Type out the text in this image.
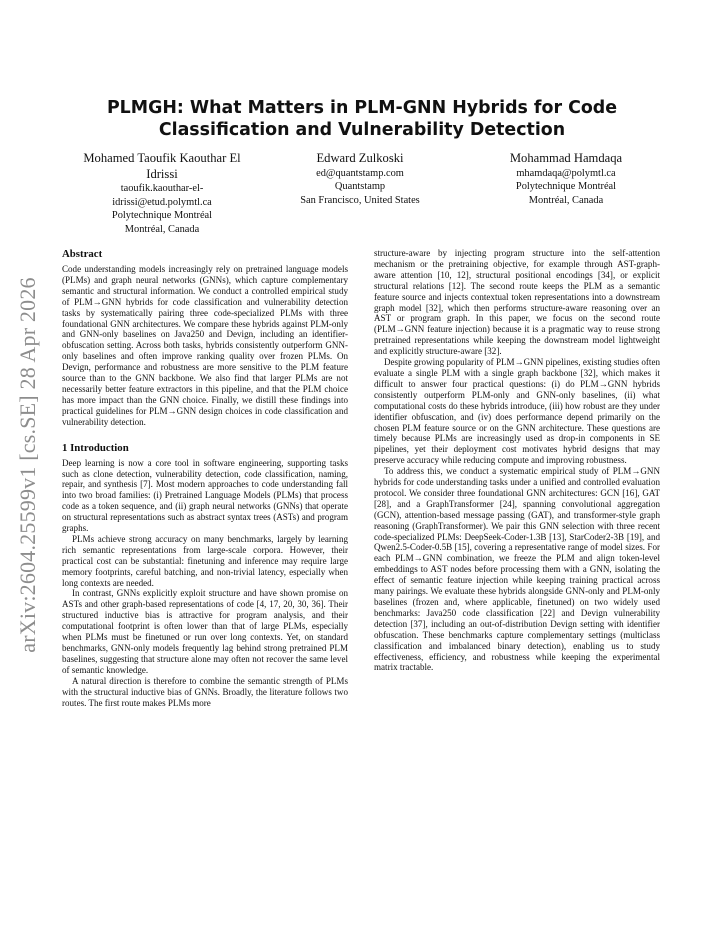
arXiv:2604.25599v1 [cs.SE] 28 Apr 2026
PLMGH: What Matters in PLM-GNN Hybrids for Code
Classification and Vulnerability Detection
Mohamed Taoufik Kaouthar El
Idrissi
taoufik.kaouthar-el-
idrissi@etud.polymtl.ca
Polytechnique Montréal
Montréal, Canada
Edward Zulkoski
ed@quantstamp.com
Quantstamp
San Francisco, United States
Mohammad Hamdaqa
mhamdaqa@polymtl.ca
Polytechnique Montréal
Montréal, Canada
Abstract

Code understanding models increasingly rely on pretrained language models (PLMs) and graph neural networks (GNNs), which capture complementary semantic and structural information. We conduct a controlled empirical study of PLM→GNN hybrids for code classification and vulnerability detection tasks by systematically pairing three code-specialized PLMs with three foundational GNN architectures. We compare these hybrids against PLM-only and GNN-only baselines on Java250 and Devign, including an identifier-obfuscation setting. Across both tasks, hybrids consistently outperform GNN-only baselines and often improve ranking quality over frozen PLMs. On Devign, performance and robustness are more sensitive to the PLM feature source than to the GNN backbone. We also find that larger PLMs are not necessarily better feature extractors in this pipeline, and that the PLM choice has more impact than the GNN choice. Finally, we distill these findings into practical guidelines for PLM→GNN design choices in code classification and vulnerability detection.

1 Introduction

Deep learning is now a core tool in software engineering, supporting tasks such as clone detection, vulnerability detection, code classification, naming, repair, and synthesis [7]. Most modern approaches to code understanding fall into two broad families: (i) Pretrained Language Models (PLMs) that process code as a token sequence, and (ii) graph neural networks (GNNs) that operate on structural representations such as abstract syntax trees (ASTs) and program graphs.

PLMs achieve strong accuracy on many benchmarks, largely by learning rich semantic representations from large-scale corpora. However, their practical cost can be substantial: finetuning and inference may require large memory footprints, careful batching, and non-trivial latency, especially when long contexts are needed.

In contrast, GNNs explicitly exploit structure and have shown promise on ASTs and other graph-based representations of code [4, 17, 20, 30, 36]. Their structured inductive bias is attractive for program analysis, and their computational footprint is often lower than that of large PLMs, especially when PLMs must be finetuned or run over long contexts. Yet, on standard benchmarks, GNN-only models frequently lag behind strong pretrained PLM baselines, suggesting that structure alone may often not recover the same level of semantic knowledge.

A natural direction is therefore to combine the semantic strength of PLMs with the structural inductive bias of GNNs. Broadly, the literature follows two routes. The first route makes PLMs more

structure-aware by injecting program structure into the self-attention mechanism or the pretraining objective, for example through AST-graph-aware attention [10, 12], structural positional encodings [34], or explicit structural relations [12]. The second route keeps the PLM as a semantic feature source and injects contextual token representations into a downstream graph model [32], which then performs structure-aware reasoning over an AST or program graph. In this paper, we focus on the second route (PLM→GNN feature injection) because it is a pragmatic way to reuse strong pretrained representations while keeping the downstream model lightweight and explicitly structure-aware [32].

Despite growing popularity of PLM→GNN pipelines, existing studies often evaluate a single PLM with a single graph backbone [32], which makes it difficult to answer four practical questions: (i) do PLM→GNN hybrids consistently outperform PLM-only and GNN-only baselines, (ii) what computational costs do these hybrids introduce, (iii) how robust are they under identifier obfuscation, and (iv) does performance depend primarily on the chosen PLM feature source or on the GNN architecture. These questions are timely because PLMs are increasingly used as drop-in components in SE pipelines, yet their deployment cost motivates hybrid designs that may preserve accuracy while reducing compute and improving robustness.

To address this, we conduct a systematic empirical study of PLM→GNN hybrids for code understanding tasks under a unified and controlled evaluation protocol. We consider three foundational GNN architectures: GCN [16], GAT [28], and a GraphTransformer [24], spanning convolutional aggregation (GCN), attention-based message passing (GAT), and transformer-style graph reasoning (GraphTransformer). We pair this GNN selection with three recent code-specialized PLMs: DeepSeek-Coder-1.3B [13], StarCoder2-3B [19], and Qwen2.5-Coder-0.5B [15], covering a representative range of model sizes. For each PLM→GNN combination, we freeze the PLM and align token-level embeddings to AST nodes before processing them with a GNN, isolating the effect of semantic feature injection while keeping training practical across many pairings. We evaluate these hybrids alongside GNN-only and PLM-only baselines (frozen and, where applicable, finetuned) on two widely used benchmarks: Java250 code classification [22] and Devign vulnerability detection [37], including an out-of-distribution Devign setting with identifier obfuscation. These benchmarks capture complementary settings (multiclass classification and imbalanced binary detection), enabling us to study effectiveness, efficiency, and robustness while keeping the experimental matrix tractable.
